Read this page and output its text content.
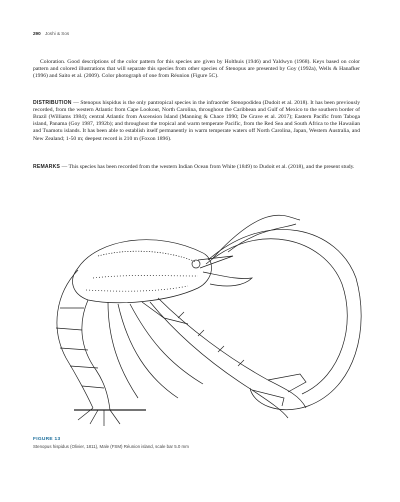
290 Joshi & Sos

Coloration. Good descriptions of the color pattern for this species are given by Holthuis (1946) and Yaldwyn (1968). Keys based on color pattern and colored illustrations that will separate this species from other species of Stenopus are presented by Goy (1992a), Wells & Hanafker (1996) and Saito et al. (2009). Color photograph of one from Réunion (Figure 5C).

DISTRIBUTION — Stenopus hispidus is the only pantropical species in the infraorder Stenopodidea (Dudoit et al. 2018). It has been previously recorded, from the western Atlantic from Cape Lookout, North Carolina, throughout the Caribbean and Gulf of Mexico to the southern border of Brazil (Williams 1984); central Atlantic from Ascension Island (Manning & Chace 1990; De Grave et al. 2017); Eastern Pacific from Taboga island, Panama (Goy 1987, 1992b); and throughout the tropical and warm temperate Pacific, from the Red Sea and South Africa to the Hawaiian and Tuamotu islands. It has been able to establish itself permanently in warm temperate waters off North Carolina, Japan, Western Australia, and New Zealand; 1-50 m; deepest record is 210 m (Foxon 1896).

REMARKS — This species has been recorded from the western Indian Ocean from White (1849) to Dudoit et al. (2018), and the present study.

FIGURE 13
Stenopus hispidus (Olivier, 1811), Male (FSM) Réunion island, scale bar 5.0 mm
